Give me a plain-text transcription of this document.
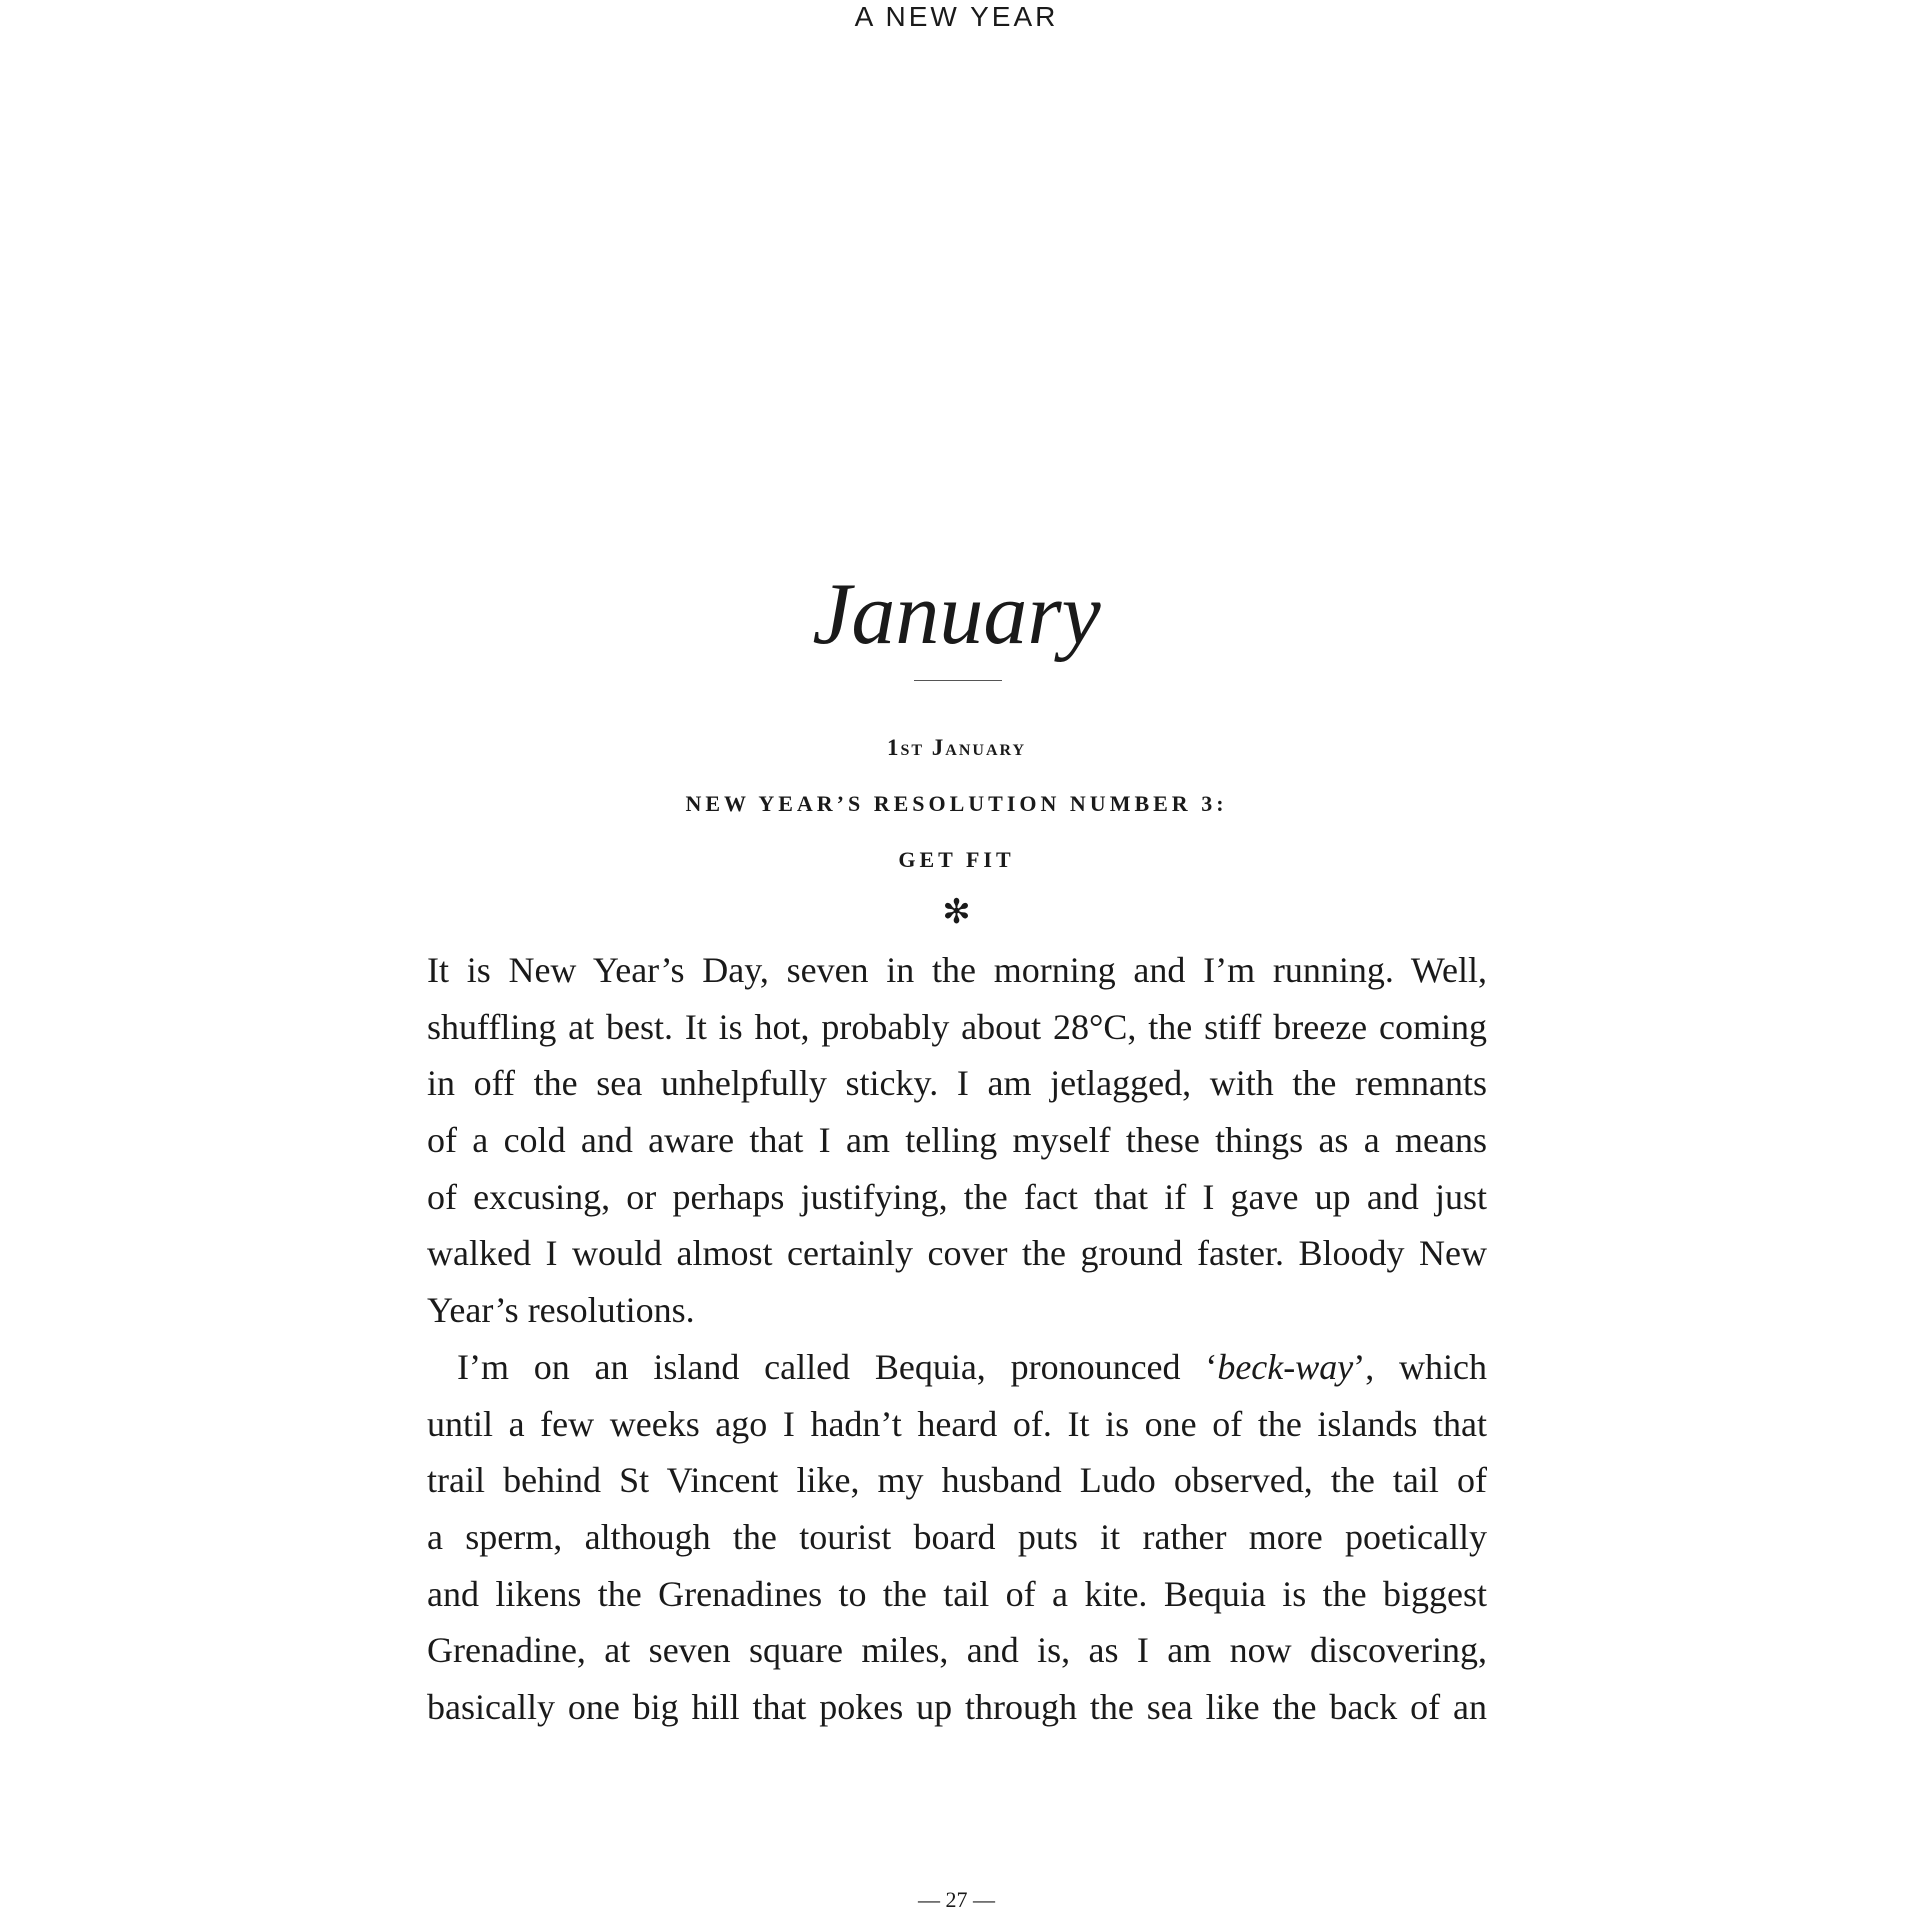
A NEW YEAR
January
1st January
NEW YEAR’S RESOLUTION NUMBER 3:
GET FIT
✻
It is New Year’s Day, seven in the morning and I’m running. Well,
shuffling at best. It is hot, probably about 28°C, the stiff breeze coming
in off the sea unhelpfully sticky. I am jetlagged, with the remnants
of a cold and aware that I am telling myself these things as a means
of excusing, or perhaps justifying, the fact that if I gave up and just
walked I would almost certainly cover the ground faster. Bloody New
Year’s resolutions.
I’m on an island called Bequia, pronounced ‘beck-way’, which
until a few weeks ago I hadn’t heard of. It is one of the islands that
trail behind St Vincent like, my husband Ludo observed, the tail of
a sperm, although the tourist board puts it rather more poetically
and likens the Grenadines to the tail of a kite. Bequia is the biggest
Grenadine, at seven square miles, and is, as I am now discovering,
basically one big hill that pokes up through the sea like the back of an
— 27 —
